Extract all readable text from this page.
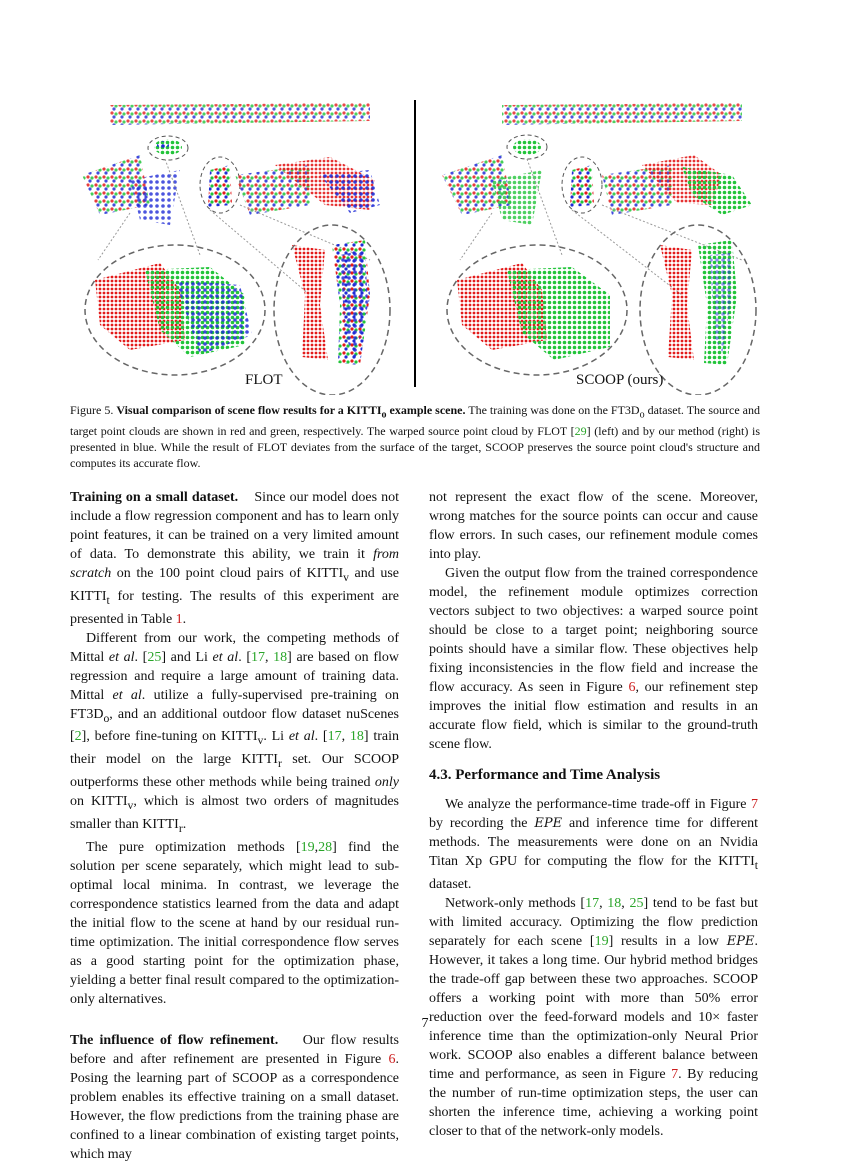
FLOT	SCOOP (ours)
Figure 5. Visual comparison of scene flow results for a $KITTI_o$ example scene. The training was done on the $FT3D_o$ dataset. The source and target point clouds are shown in red and green, respectively. The warped source point cloud by FLOT [29] (left) and by our method (right) is presented in blue. While the result of FLOT deviates from the surface of the target, SCOOP preserves the source point cloud's structure and computes its accurate flow.

Training on a small dataset.    Since our model does not include a flow regression component and has to learn only point features, it can be trained on a very limited amount of data. To demonstrate this ability, we train it from scratch on the 100 point cloud pairs of $KITTI_v$ and use $KITTI_t$ for testing. The results of this experiment are presented in Table 1.

Different from our work, the competing methods of Mittal et al. [25] and Li et al. [17, 18] are based on flow regression and require a large amount of training data. Mittal et al. utilize a fully-supervised pre-training on $FT3D_o$, and an additional outdoor flow dataset nuScenes [2], before fine-tuning on $KITTI_v$. Li et al. [17, 18] train their model on the large $KITTI_r$ set. Our SCOOP outperforms these other methods while being trained only on $KITTI_v$, which is almost two orders of magnitudes smaller than $KITTI_r$.

The pure optimization methods [19,28] find the solution per scene separately, which might lead to sub-optimal local minima. In contrast, we leverage the correspondence statistics learned from the data and adapt the initial flow to the scene at hand by our residual run-time optimization. The initial correspondence flow serves as a good starting point for the optimization phase, yielding a better final result compared to the optimization-only alternatives.

The influence of flow refinement.    Our flow results before and after refinement are presented in Figure 6. Posing the learning part of SCOOP as a correspondence problem enables its effective training on a small dataset. However, the flow predictions from the training phase are confined to a linear combination of existing target points, which may

not represent the exact flow of the scene. Moreover, wrong matches for the source points can occur and cause flow errors. In such cases, our refinement module comes into play.

Given the output flow from the trained correspondence model, the refinement module optimizes correction vectors subject to two objectives: a warped source point should be close to a target point; neighboring source points should have a similar flow. These objectives help fixing inconsistencies in the flow field and increase the flow accuracy. As seen in Figure 6, our refinement step improves the initial flow estimation and results in an accurate flow field, which is similar to the ground-truth scene flow.

4.3. Performance and Time Analysis

We analyze the performance-time trade-off in Figure 7 by recording the EPE and inference time for different methods. The measurements were done on an Nvidia Titan Xp GPU for computing the flow for the $KITTI_t$ dataset.

Network-only methods [17, 18, 25] tend to be fast but with limited accuracy. Optimizing the flow prediction separately for each scene [19] results in a low EPE. However, it takes a long time. Our hybrid method bridges the trade-off gap between these two approaches. SCOOP offers a working point with more than 50% error reduction over the feed-forward models and 10× faster inference time than the optimization-only Neural Prior work. SCOOP also enables a different balance between time and performance, as seen in Figure 7. By reducing the number of run-time optimization steps, the user can shorten the inference time, achieving a working point closer to that of the network-only models.

7
